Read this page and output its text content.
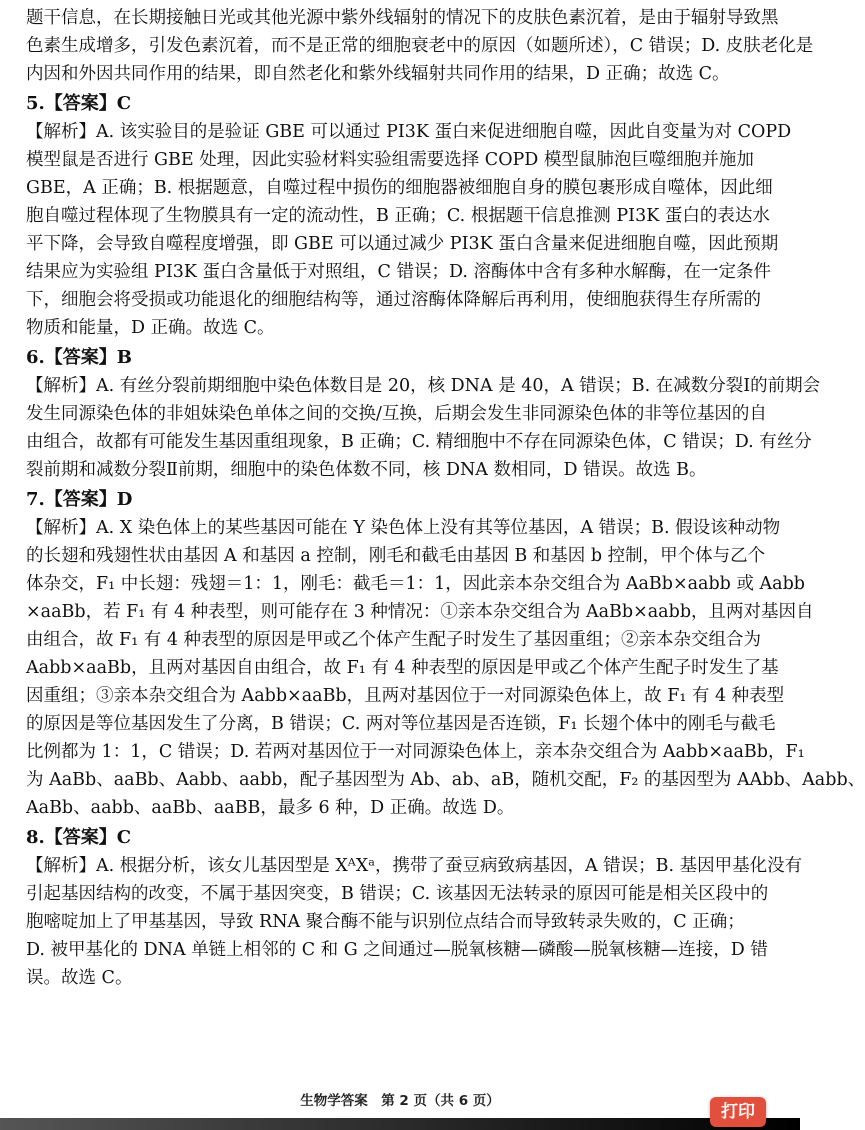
题干信息，在长期接触日光或其他光源中紫外线辐射的情况下的皮肤色素沉着，是由于辐射导致黑
色素生成增多，引发色素沉着，而不是正常的细胞衰老中的原因（如题所述），C 错误；D. 皮肤老化是
内因和外因共同作用的结果，即自然老化和紫外线辐射共同作用的结果，D 正确；故选 C。
5.【答案】C
【解析】A. 该实验目的是验证 GBE 可以通过 PI3K 蛋白来促进细胞自噬，因此自变量为对 COPD
模型鼠是否进行 GBE 处理，因此实验材料实验组需要选择 COPD 模型鼠肺泡巨噬细胞并施加
GBE，A 正确；B. 根据题意，自噬过程中损伤的细胞器被细胞自身的膜包裹形成自噬体，因此细
胞自噬过程体现了生物膜具有一定的流动性，B 正确；C. 根据题干信息推测 PI3K 蛋白的表达水
平下降，会导致自噬程度增强，即 GBE 可以通过减少 PI3K 蛋白含量来促进细胞自噬，因此预期
结果应为实验组 PI3K 蛋白含量低于对照组，C 错误；D. 溶酶体中含有多种水解酶，在一定条件
下，细胞会将受损或功能退化的细胞结构等，通过溶酶体降解后再利用，使细胞获得生存所需的
物质和能量，D 正确。故选 C。
6.【答案】B
【解析】A. 有丝分裂前期细胞中染色体数目是 20，核 DNA 是 40，A 错误；B. 在减数分裂Ⅰ的前期会
发生同源染色体的非姐妹染色单体之间的交换/互换，后期会发生非同源染色体的非等位基因的自
由组合，故都有可能发生基因重组现象，B 正确；C. 精细胞中不存在同源染色体，C 错误；D. 有丝分
裂前期和减数分裂Ⅱ前期，细胞中的染色体数不同，核 DNA 数相同，D 错误。故选 B。
7.【答案】D
【解析】A. X 染色体上的某些基因可能在 Y 染色体上没有其等位基因，A 错误；B. 假设该种动物
的长翅和残翅性状由基因 A 和基因 a 控制，刚毛和截毛由基因 B 和基因 b 控制，甲个体与乙个
体杂交，F₁ 中长翅：残翅＝1：1，刚毛：截毛＝1：1，因此亲本杂交组合为 AaBb×aabb 或 Aabb
×aaBb，若 F₁ 有 4 种表型，则可能存在 3 种情况：①亲本杂交组合为 AaBb×aabb，且两对基因自
由组合，故 F₁ 有 4 种表型的原因是甲或乙个体产生配子时发生了基因重组；②亲本杂交组合为
Aabb×aaBb，且两对基因自由组合，故 F₁ 有 4 种表型的原因是甲或乙个体产生配子时发生了基
因重组；③亲本杂交组合为 Aabb×aaBb，且两对基因位于一对同源染色体上，故 F₁ 有 4 种表型
的原因是等位基因发生了分离，B 错误；C. 两对等位基因是否连锁，F₁ 长翅个体中的刚毛与截毛
比例都为 1：1，C 错误；D. 若两对基因位于一对同源染色体上，亲本杂交组合为 Aabb×aaBb，F₁
为 AaBb、aaBb、Aabb、aabb，配子基因型为 Ab、ab、aB，随机交配，F₂ 的基因型为 AAbb、Aabb、
AaBb、aabb、aaBb、aaBB，最多 6 种，D 正确。故选 D。
8.【答案】C
【解析】A. 根据分析，该女儿基因型是 XᴬXᵃ，携带了蚕豆病致病基因，A 错误；B. 基因甲基化没有
引起基因结构的改变，不属于基因突变，B 错误；C. 该基因无法转录的原因可能是相关区段中的
胞嘧啶加上了甲基基因，导致 RNA 聚合酶不能与识别位点结合而导致转录失败的，C 正确；
D. 被甲基化的 DNA 单链上相邻的 C 和 G 之间通过—脱氧核糖—磷酸—脱氧核糖—连接，D 错
误。故选 C。
生物学答案　第 2 页（共 6 页）
打印
